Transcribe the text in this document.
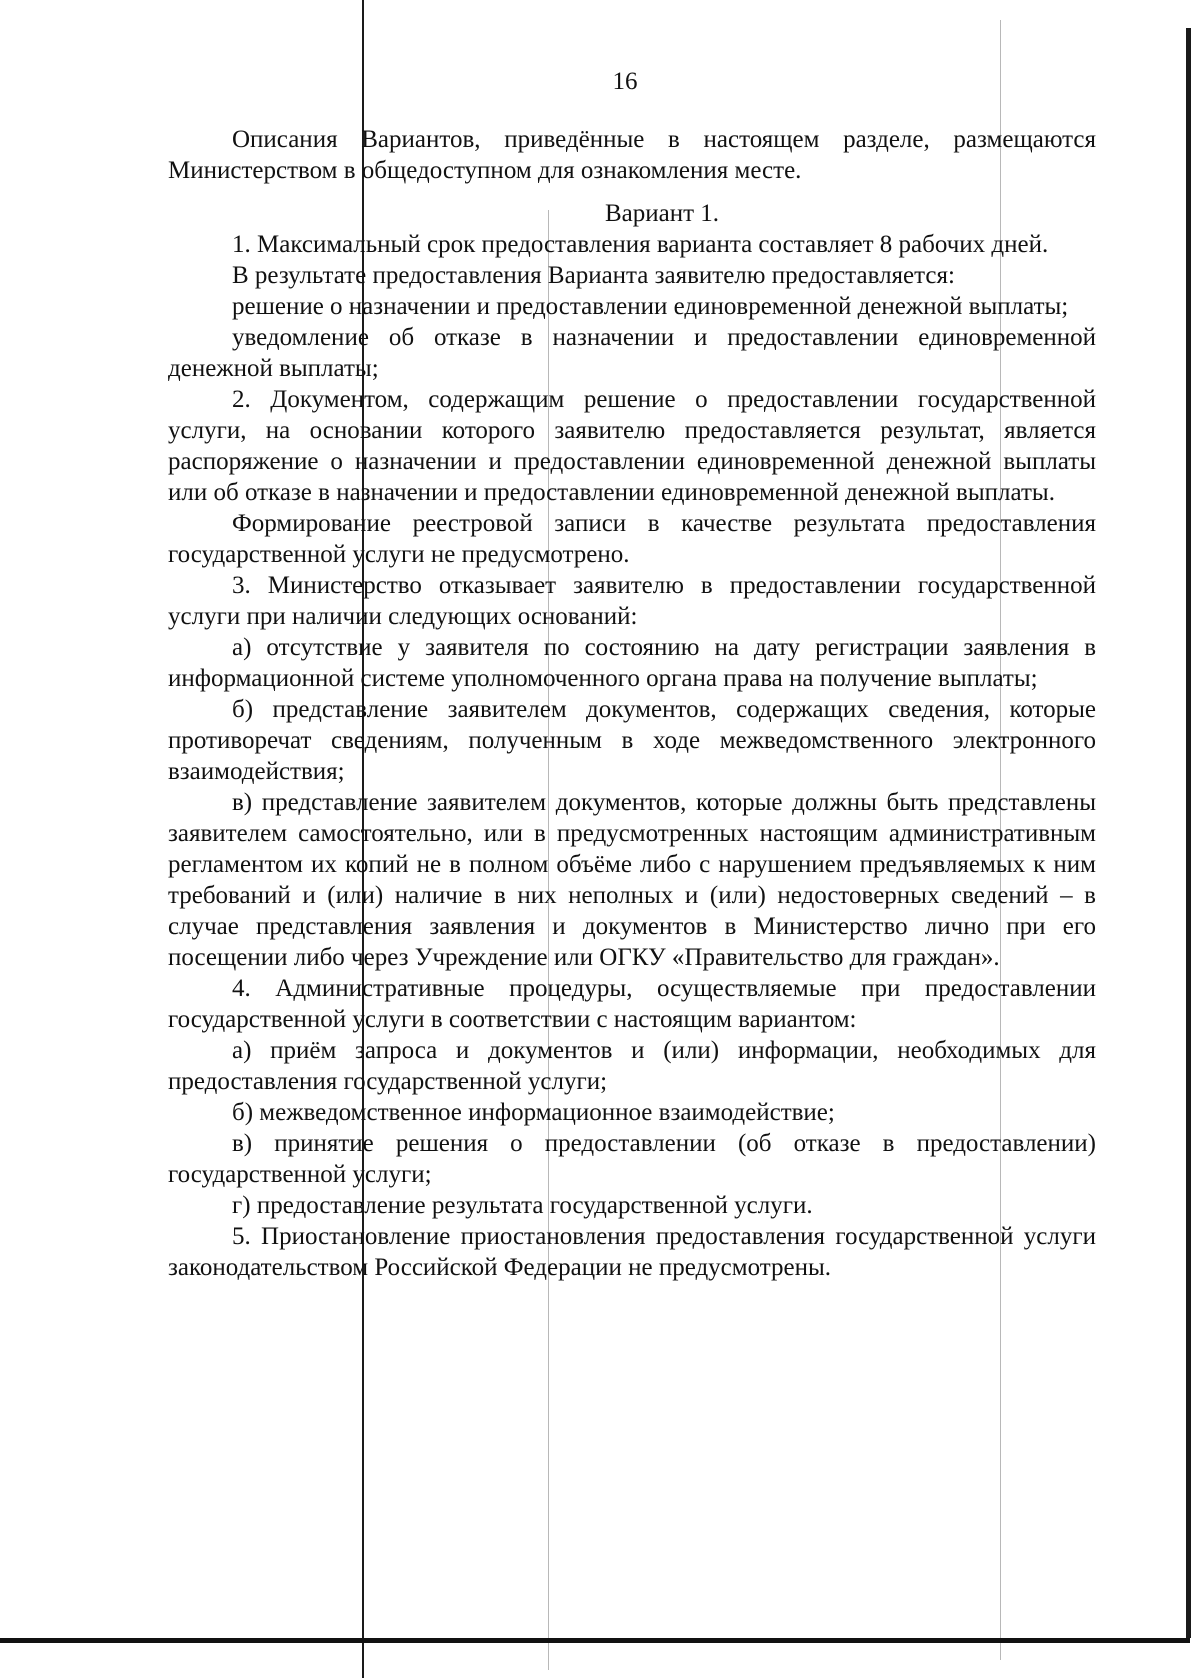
16

Описания Вариантов, приведённые в настоящем разделе, размещаются Министерством в общедоступном для ознакомления месте.

Вариант 1.

1. Максимальный срок предоставления варианта составляет 8 рабочих дней.

В результате предоставления Варианта заявителю предоставляется:

решение о назначении и предоставлении единовременной денежной выплаты;

уведомление об отказе в назначении и предоставлении единовременной денежной выплаты;

2. Документом, содержащим решение о предоставлении государственной услуги, на основании которого заявителю предоставляется результат, является распоряжение о назначении и предоставлении единовременной денежной выплаты или об отказе в назначении и предоставлении единовременной денежной выплаты.

Формирование реестровой записи в качестве результата предоставления государственной услуги не предусмотрено.

3. Министерство отказывает заявителю в предоставлении государственной услуги при наличии следующих оснований:

а) отсутствие у заявителя по состоянию на дату регистрации заявления в информационной системе уполномоченного органа права на получение выплаты;

б) представление заявителем документов, содержащих сведения, которые противоречат сведениям, полученным в ходе межведомственного электронного взаимодействия;

в) представление заявителем документов, которые должны быть представлены заявителем самостоятельно, или в предусмотренных настоящим административным регламентом их копий не в полном объёме либо с нарушением предъявляемых к ним требований и (или) наличие в них неполных и (или) недостоверных сведений – в случае представления заявления и документов в Министерство лично при его посещении либо через Учреждение или ОГКУ «Правительство для граждан».

4. Административные процедуры, осуществляемые при предоставлении государственной услуги в соответствии с настоящим вариантом:

а) приём запроса и документов и (или) информации, необходимых для предоставления государственной услуги;

б) межведомственное информационное взаимодействие;

в) принятие решения о предоставлении (об отказе в предоставлении) государственной услуги;

г) предоставление результата государственной услуги.

5. Приостановление приостановления предоставления государственной услуги законодательством Российской Федерации не предусмотрены.
